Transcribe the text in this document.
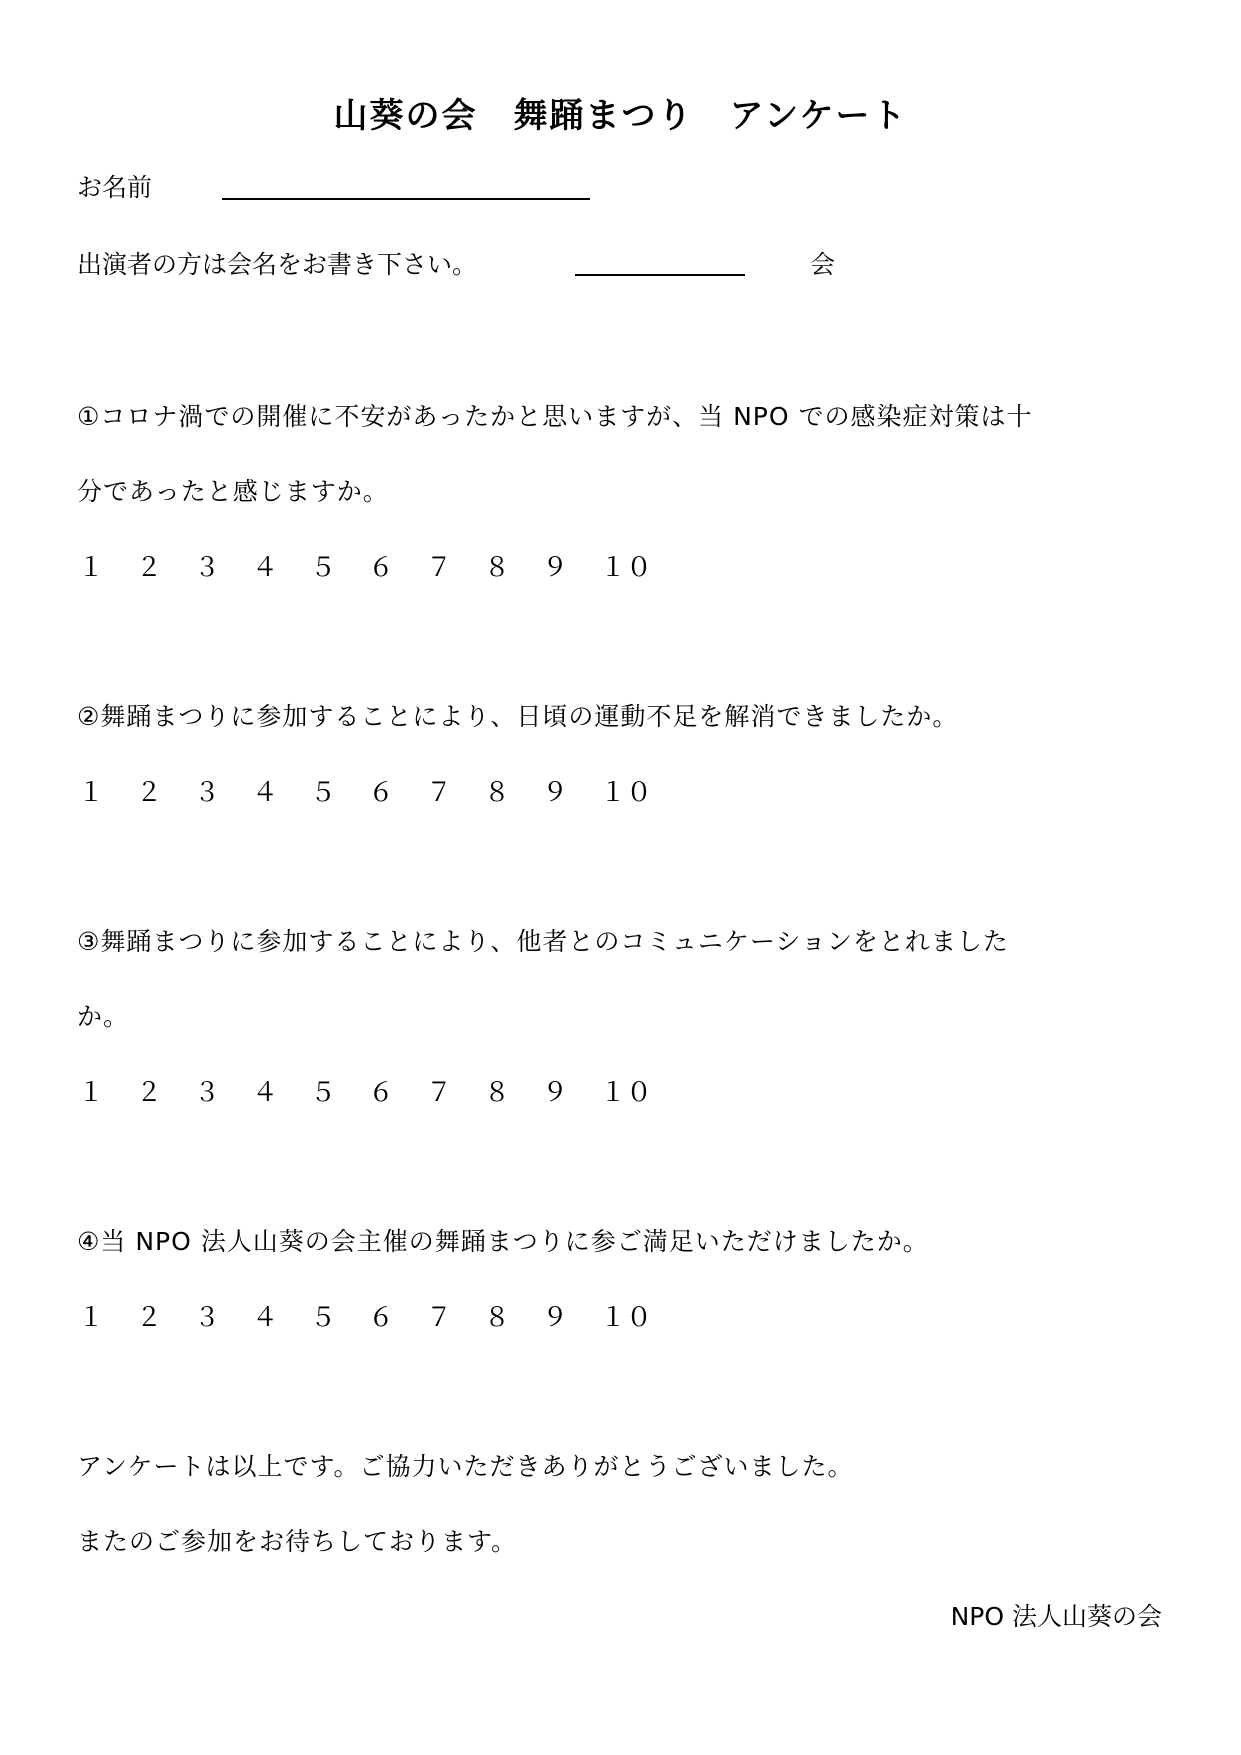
山葵の会　舞踊まつり　アンケート
お名前
出演者の方は会名をお書き下さい。	会
①コロナ渦での開催に不安があったかと思いますが、当 NPO での感染症対策は十
分であったと感じますか。
１	２	３	４	５	６	７	８	９	１０
②舞踊まつりに参加することにより、日頃の運動不足を解消できましたか。
１	２	３	４	５	６	７	８	９	１０
③舞踊まつりに参加することにより、他者とのコミュニケーションをとれました
か。
１	２	３	４	５	６	７	８	９	１０
④当 NPO 法人山葵の会主催の舞踊まつりに参ご満足いただけましたか。
１	２	３	４	５	６	７	８	９	１０
アンケートは以上です。ご協力いただきありがとうございました。
またのご参加をお待ちしております。
NPO 法人山葵の会
